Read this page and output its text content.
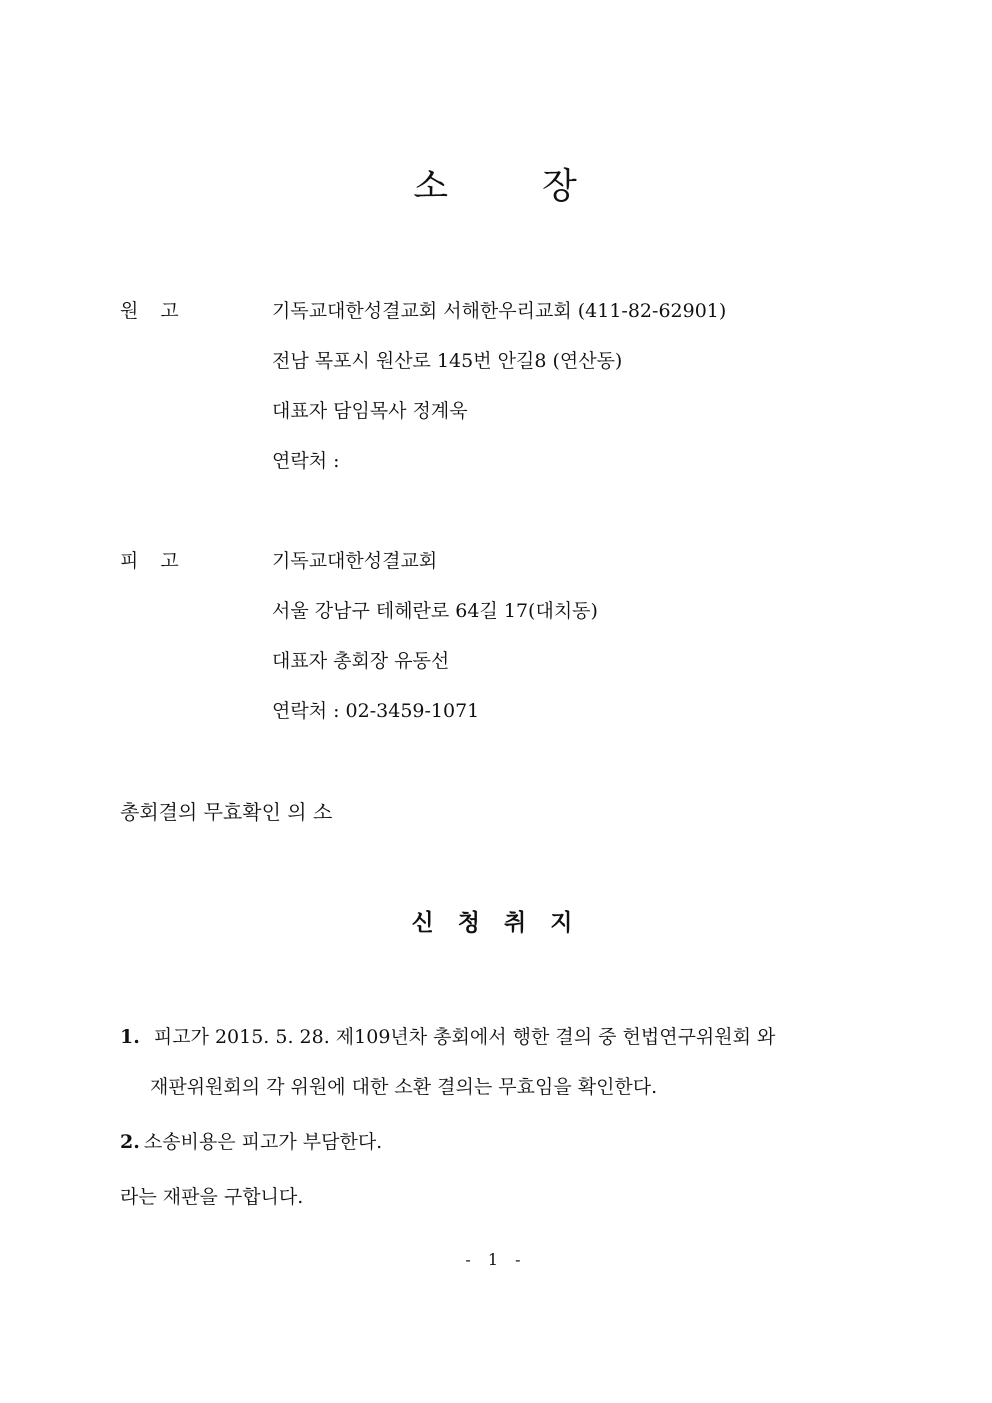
소	장
원 고	기독교대한성결교회 서해한우리교회 (411-82-62901)
전남 목포시 원산로 145번 안길8 (연산동)
대표자 담임목사 정계욱
연락처 :
피 고	기독교대한성결교회
서울 강남구 테헤란로 64길 17(대치동)
대표자 총회장 유동선
연락처 : 02-3459-1071
총회결의 무효확인 의 소
신 청 취 지
1. 피고가 2015. 5. 28. 제109년차 총회에서 행한 결의 중 헌법연구위원회 와
재판위원회의 각 위원에 대한 소환 결의는 무효임을 확인한다.
2. 소송비용은 피고가 부담한다.
라는 재판을 구합니다.
- 1 -
